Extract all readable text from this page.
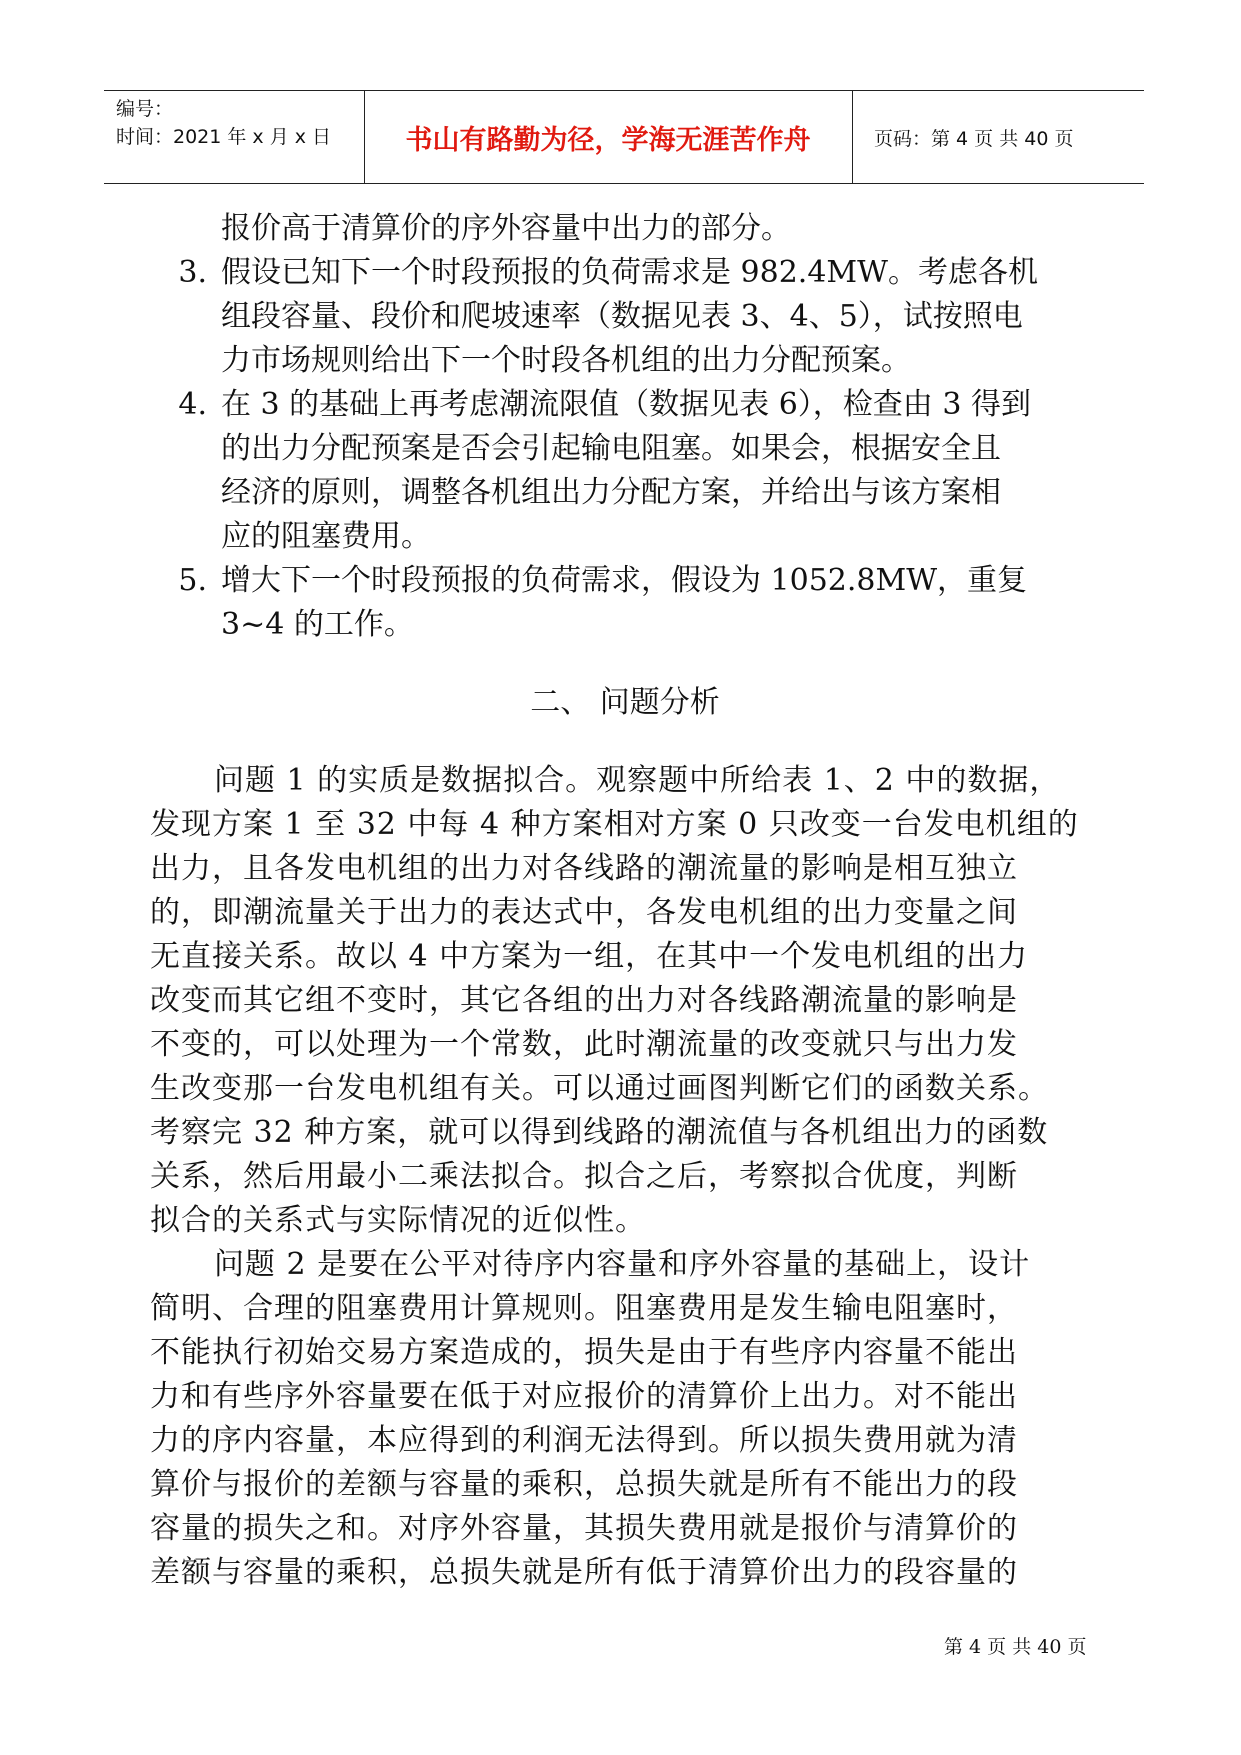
编号：
时间：2021 年 x 月 x 日	书山有路勤为径，学海无涯苦作舟	页码：第 4 页 共 40 页
报价高于清算价的序外容量中出力的部分。
3. 假设已知下一个时段预报的负荷需求是 982.4MW。考虑各机
组段容量、段价和爬坡速率（数据见表 3、4、5），试按照电
力市场规则给出下一个时段各机组的出力分配预案。
4. 在 3 的基础上再考虑潮流限值（数据见表 6），检查由 3 得到
的出力分配预案是否会引起输电阻塞。如果会，根据安全且
经济的原则，调整各机组出力分配方案，并给出与该方案相
应的阻塞费用。
5. 增大下一个时段预报的负荷需求，假设为 1052.8MW，重复
3~4 的工作。
二、 问题分析
问题 1 的实质是数据拟合。观察题中所给表 1、2 中的数据，
发现方案 1 至 32 中每 4 种方案相对方案 0 只改变一台发电机组的
出力，且各发电机组的出力对各线路的潮流量的影响是相互独立
的，即潮流量关于出力的表达式中，各发电机组的出力变量之间
无直接关系。故以 4 中方案为一组，在其中一个发电机组的出力
改变而其它组不变时，其它各组的出力对各线路潮流量的影响是
不变的，可以处理为一个常数，此时潮流量的改变就只与出力发
生改变那一台发电机组有关。可以通过画图判断它们的函数关系。
考察完 32 种方案，就可以得到线路的潮流值与各机组出力的函数
关系，然后用最小二乘法拟合。拟合之后，考察拟合优度，判断
拟合的关系式与实际情况的近似性。
问题 2 是要在公平对待序内容量和序外容量的基础上，设计
简明、合理的阻塞费用计算规则。阻塞费用是发生输电阻塞时，
不能执行初始交易方案造成的，损失是由于有些序内容量不能出
力和有些序外容量要在低于对应报价的清算价上出力。对不能出
力的序内容量，本应得到的利润无法得到。所以损失费用就为清
算价与报价的差额与容量的乘积，总损失就是所有不能出力的段
容量的损失之和。对序外容量，其损失费用就是报价与清算价的
差额与容量的乘积，总损失就是所有低于清算价出力的段容量的
第 4 页 共 40 页
